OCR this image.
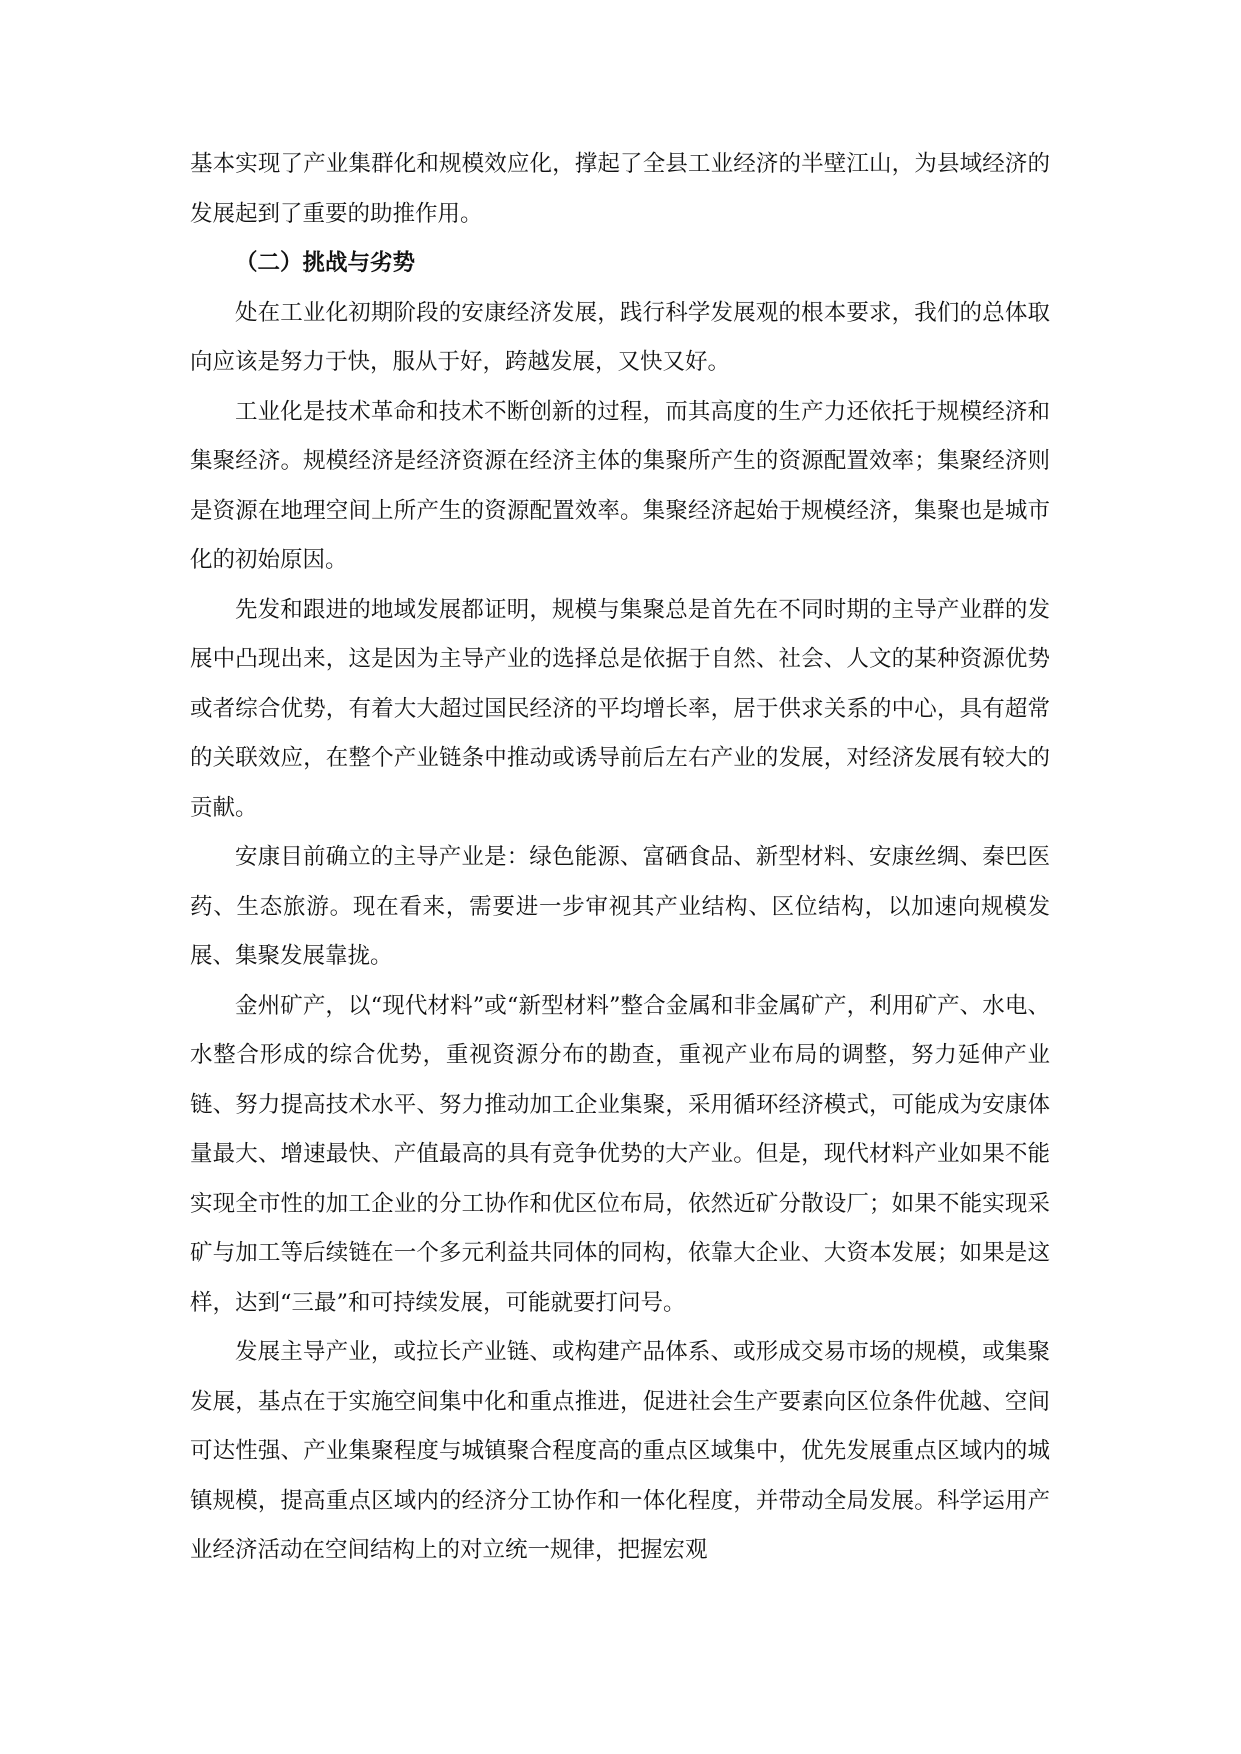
基本实现了产业集群化和规模效应化，撑起了全县工业经济的半壁江山，为县域经济的发展起到了重要的助推作用。

（二）挑战与劣势

处在工业化初期阶段的安康经济发展，践行科学发展观的根本要求，我们的总体取向应该是努力于快，服从于好，跨越发展，又快又好。

工业化是技术革命和技术不断创新的过程，而其高度的生产力还依托于规模经济和集聚经济。规模经济是经济资源在经济主体的集聚所产生的资源配置效率；集聚经济则是资源在地理空间上所产生的资源配置效率。集聚经济起始于规模经济，集聚也是城市化的初始原因。

先发和跟进的地域发展都证明，规模与集聚总是首先在不同时期的主导产业群的发展中凸现出来，这是因为主导产业的选择总是依据于自然、社会、人文的某种资源优势或者综合优势，有着大大超过国民经济的平均增长率，居于供求关系的中心，具有超常的关联效应，在整个产业链条中推动或诱导前后左右产业的发展，对经济发展有较大的贡献。

安康目前确立的主导产业是：绿色能源、富硒食品、新型材料、安康丝绸、秦巴医药、生态旅游。现在看来，需要进一步审视其产业结构、区位结构，以加速向规模发展、集聚发展靠拢。

金州矿产，以“现代材料”或“新型材料”整合金属和非金属矿产，利用矿产、水电、水整合形成的综合优势，重视资源分布的勘查，重视产业布局的调整，努力延伸产业链、努力提高技术水平、努力推动加工企业集聚，采用循环经济模式，可能成为安康体量最大、增速最快、产值最高的具有竞争优势的大产业。但是，现代材料产业如果不能实现全市性的加工企业的分工协作和优区位布局，依然近矿分散设厂；如果不能实现采矿与加工等后续链在一个多元利益共同体的同构，依靠大企业、大资本发展；如果是这样，达到“三最”和可持续发展，可能就要打问号。

发展主导产业，或拉长产业链、或构建产品体系、或形成交易市场的规模，或集聚发展，基点在于实施空间集中化和重点推进，促进社会生产要素向区位条件优越、空间可达性强、产业集聚程度与城镇聚合程度高的重点区域集中，优先发展重点区域内的城镇规模，提高重点区域内的经济分工协作和一体化程度，并带动全局发展。科学运用产业经济活动在空间结构上的对立统一规律，把握宏观
